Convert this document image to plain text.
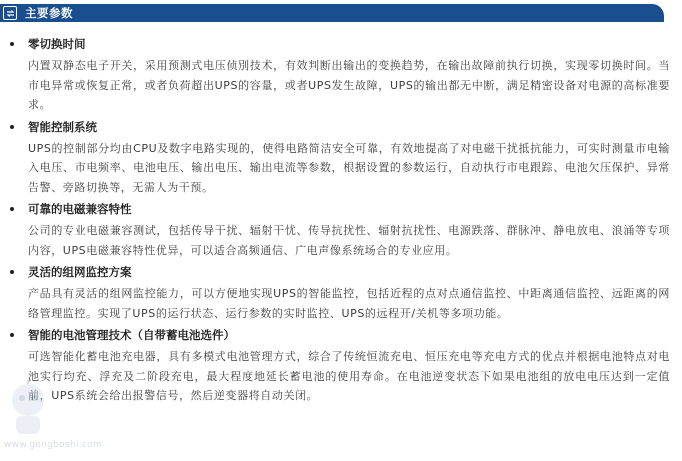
主要参数
零切换时间
内置双静态电子开关，采用预测式电压侦別技术，有效判断出输出的变换趋势，在输出故障前执行切换，实现零切换时间。当市电异常或恢复正常，或者负荷超出UPS的容量，或者UPS发生故障，UPS的输出都无中断，满足精密设备对电源的高标准要求。
智能控制系统
UPS的控制部分均由CPU及数字电路实现的，使得电路简洁安全可靠，有效地提高了对电磁干扰抵抗能力，可实时测量市电输入电压、市电频率、电池电压、输出电压、输出电流等参数，根据设置的参数运行，自动执行市电跟踪、电池欠压保护、异常告警、旁路切换等，无需人为干预。
可靠的电磁兼容特性
公司的专业电磁兼容测试，包括传导干扰、辐射干忧、传导抗扰性、辐射抗扰性、电源跌落、群脉冲、静电放电、浪涌等专项内容，UPS电磁兼容特性优异，可以适合高频通信、广电声像系统场合的专业应用。
灵活的组网监控方案
产品具有灵活的组网监控能力，可以方便地实现UPS的智能监控，包括近程的点对点通信监控、中距离通信监控、远距离的网络管理监控。实现了UPS的运行状态、运行参数的实时监控、UPS的远程开/关机等多项功能。
智能的电池管理技术（自带蓄电池选件）
可选智能化蓄电池充电器，具有多模式电池管理方式，综合了传统恒流充电、恒压充电等充电方式的优点并根据电池特点对电池实行均充、浮充及二阶段充电，最大程度地延长蓄电池的使用寿命。在电池逆变状态下如果电池组的放电电压达到一定值前，UPS系统会给出报警信号，然后逆变器将自动关闭。
www.gongboshi.com
